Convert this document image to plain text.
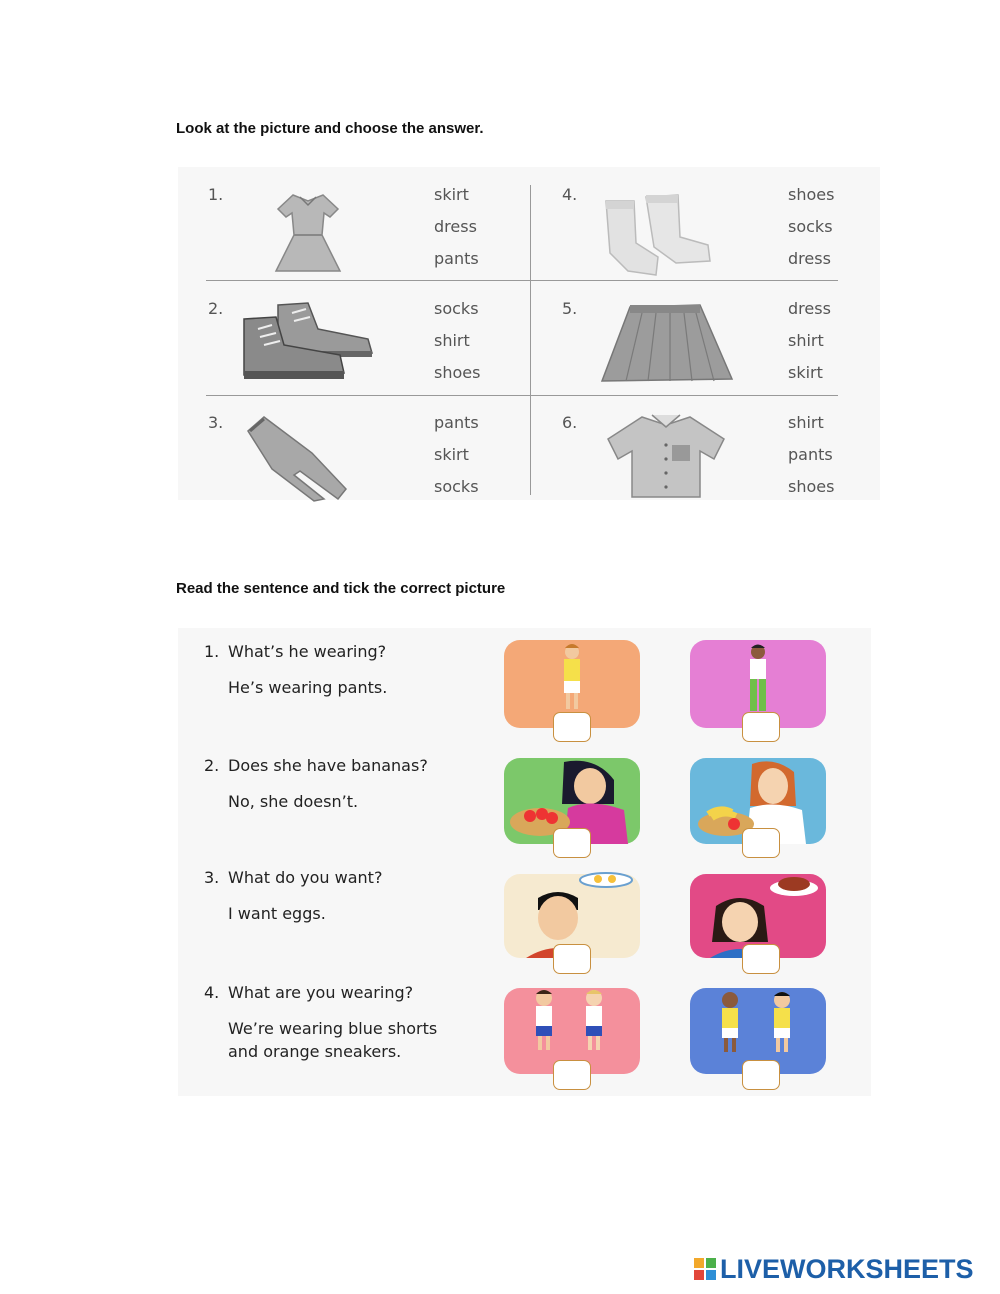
Look at the picture and choose the answer.
1.	skirt
dress
pants
2.	socks
shirt
shoes
3.	pants
skirt
socks
4.	shoes
socks
dress
5.	dress
shirt
skirt
6.	shirt
pants
shoes
Read the sentence and tick the correct picture
1. What’s he wearing?
He’s wearing pants.
2. Does she have bananas?
No, she doesn’t.
3. What do you want?
I want eggs.
4. What are you wearing?
We’re wearing blue shorts and orange sneakers.
LIVEWORKSHEETS
